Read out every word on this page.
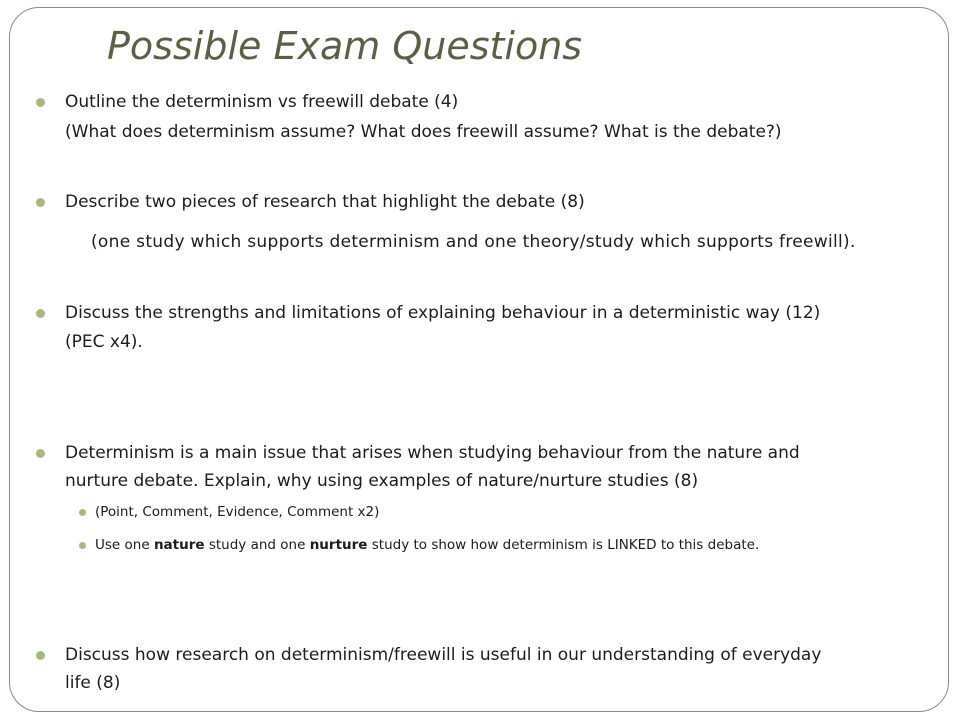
Possible Exam Questions
Outline the determinism vs freewill debate (4)
(What does determinism assume? What does freewill assume? What is the debate?)
Describe two pieces of research that highlight the debate (8)
(one study which supports determinism and one theory/study which supports freewill).
Discuss the strengths and limitations of explaining behaviour in a deterministic way (12)
(PEC x4).
Determinism is a main issue that arises when studying behaviour from the nature and
nurture debate. Explain, why using examples of nature/nurture studies (8)
(Point, Comment, Evidence, Comment x2)
Use one nature study and one nurture study to show how determinism is LINKED to this debate.
Discuss how research on determinism/freewill is useful in our understanding of everyday
life (8)
